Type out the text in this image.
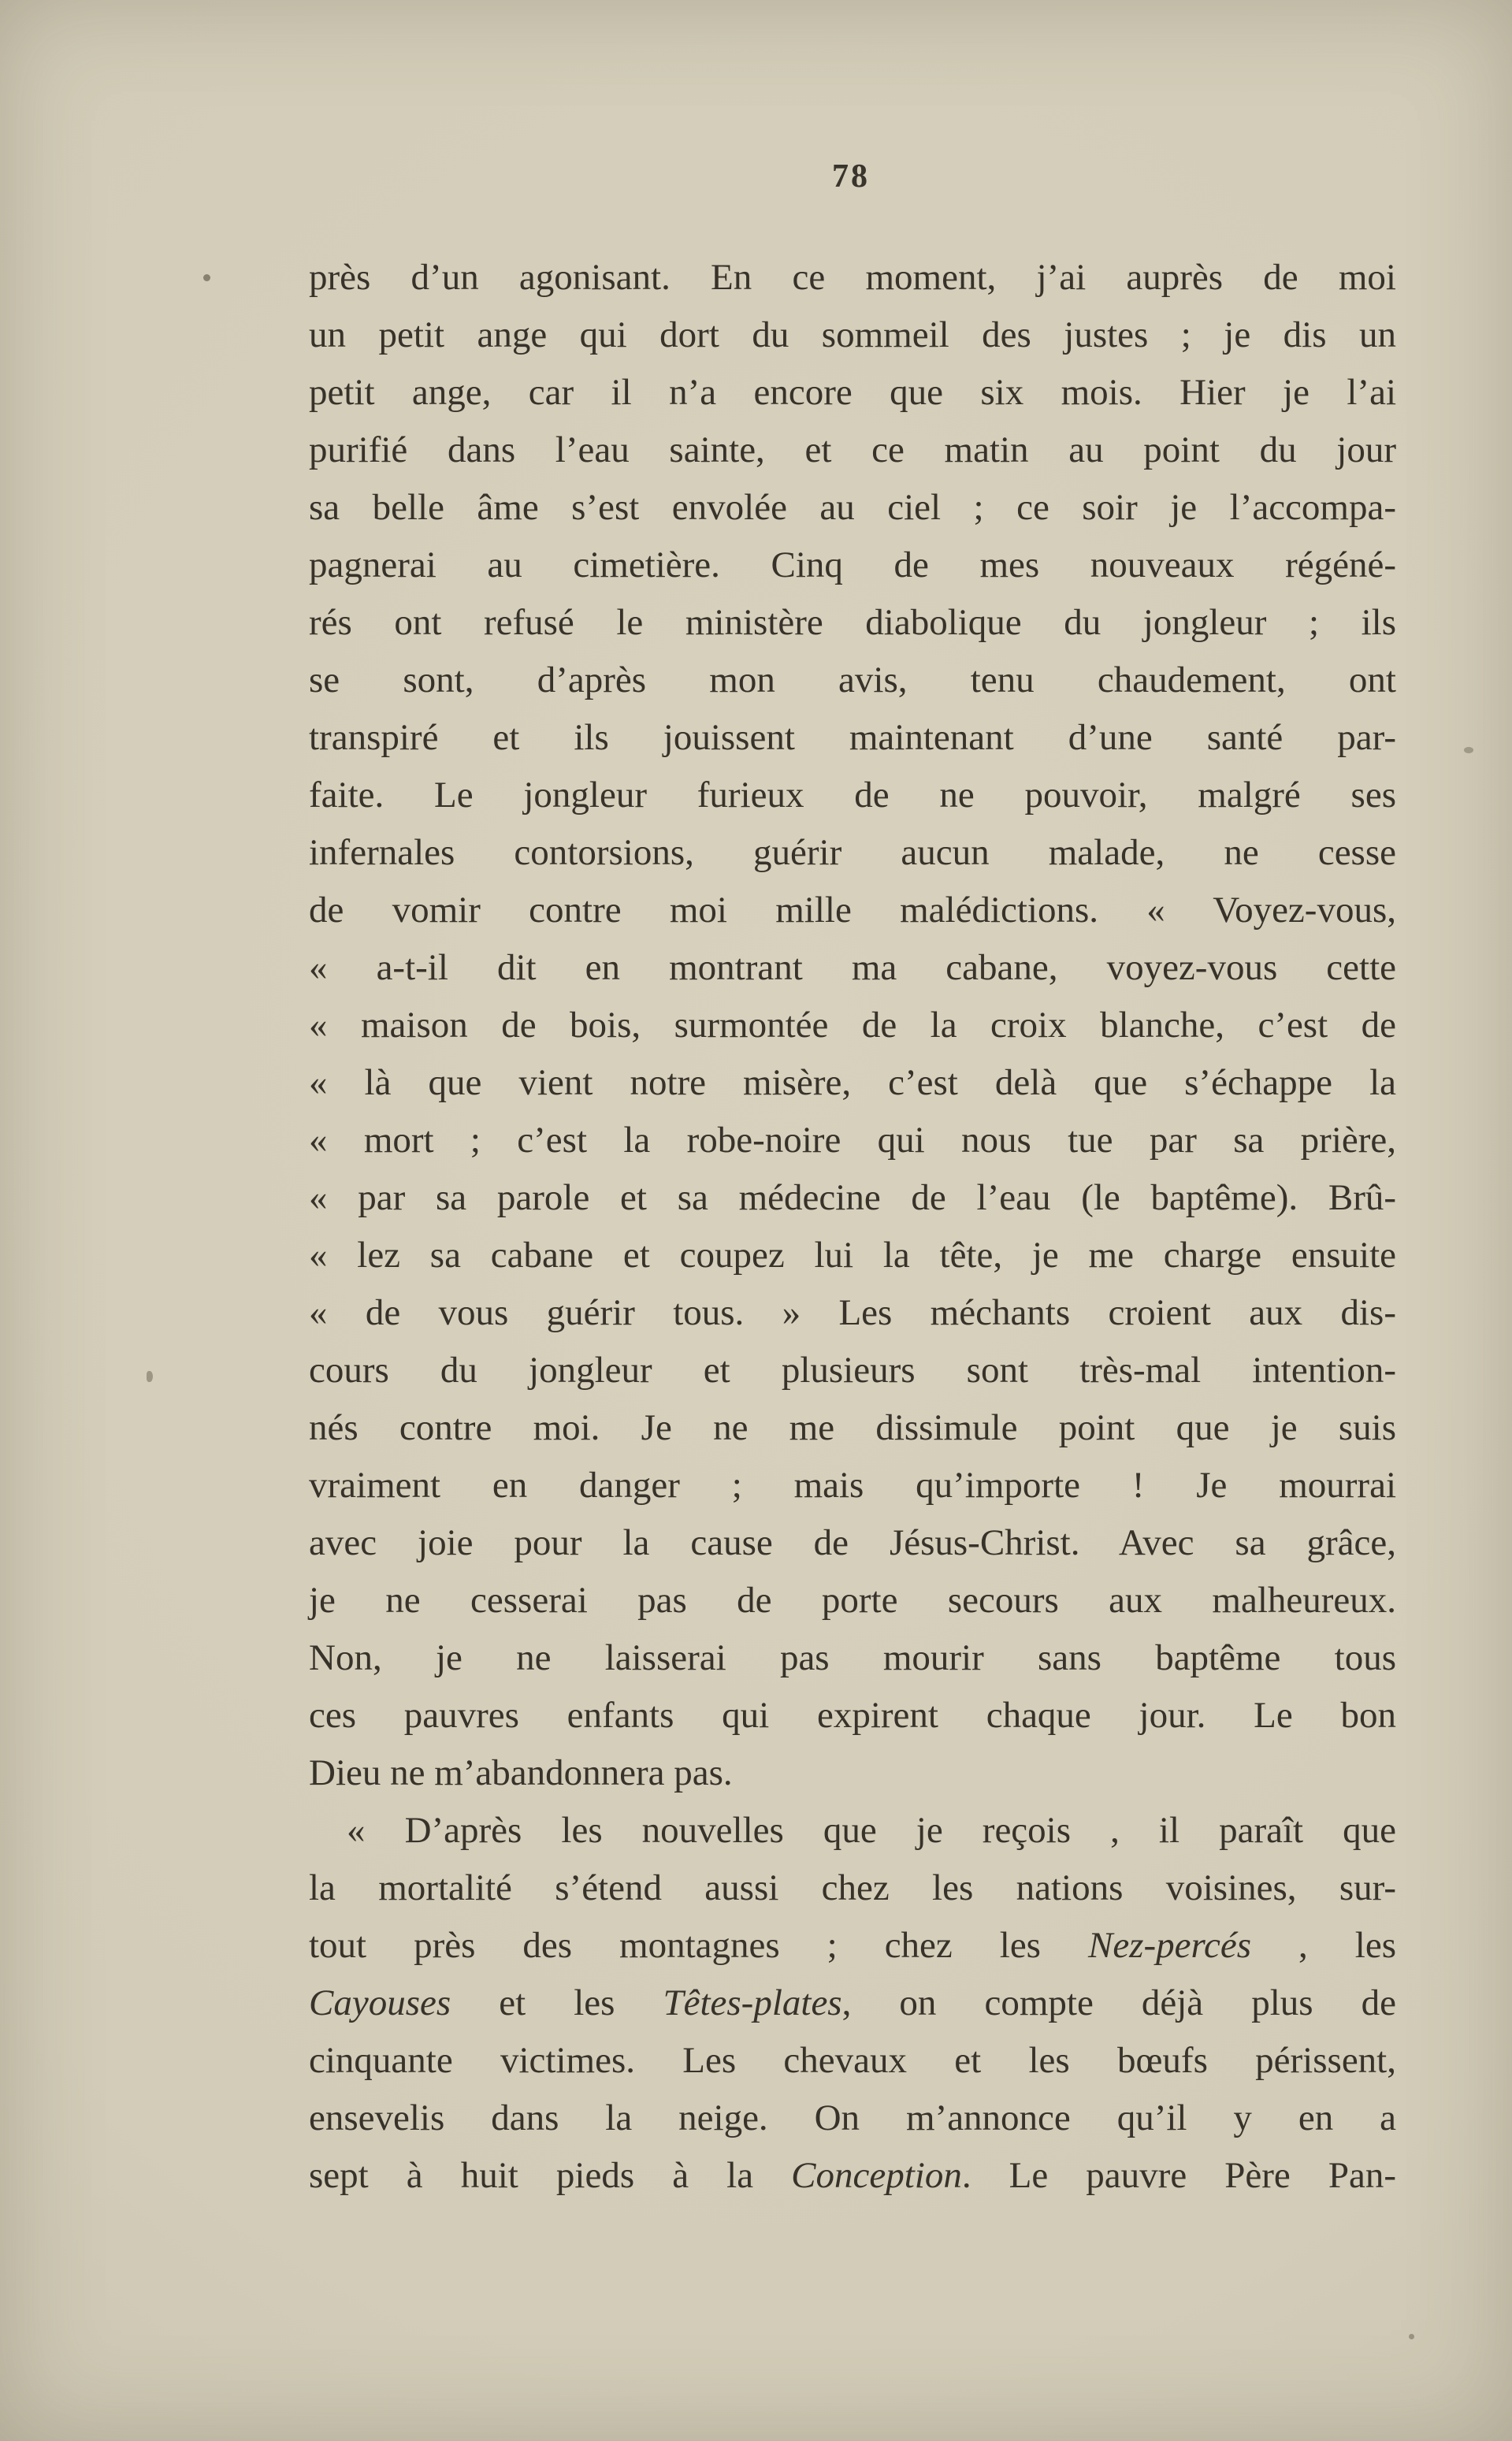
78
près d’un agonisant. En ce moment, j’ai auprès de moi
un petit ange qui dort du sommeil des justes ; je dis un
petit ange, car il n’a encore que six mois. Hier je l’ai
purifié dans l’eau sainte, et ce matin au point du jour
sa belle âme s’est envolée au ciel ; ce soir je l’accompa-
pagnerai au cimetière. Cinq de mes nouveaux régéné-
rés ont refusé le ministère diabolique du jongleur ; ils
se sont, d’après mon avis, tenu chaudement, ont
transpiré et ils jouissent maintenant d’une santé par-
faite. Le jongleur furieux de ne pouvoir, malgré ses
infernales contorsions, guérir aucun malade, ne cesse
de vomir contre moi mille malédictions. « Voyez-vous,
« a-t-il dit en montrant ma cabane, voyez-vous cette
« maison de bois, surmontée de la croix blanche, c’est de
« là que vient notre misère, c’est delà que s’échappe la
« mort ; c’est la robe-noire qui nous tue par sa prière,
« par sa parole et sa médecine de l’eau (le baptême). Brû-
« lez sa cabane et coupez lui la tête, je me charge ensuite
« de vous guérir tous. » Les méchants croient aux dis-
cours du jongleur et plusieurs sont très-mal intention-
nés contre moi. Je ne me dissimule point que je suis
vraiment en danger ; mais qu’importe ! Je mourrai
avec joie pour la cause de Jésus-Christ. Avec sa grâce,
je ne cesserai pas de porte secours aux malheureux.
Non, je ne laisserai pas mourir sans baptême tous
ces pauvres enfants qui expirent chaque jour. Le bon
Dieu ne m’abandonnera pas.
« D’après les nouvelles que je reçois , il paraît que
la mortalité s’étend aussi chez les nations voisines, sur-
tout près des montagnes ; chez les Nez-percés , les
Cayouses et les Têtes-plates, on compte déjà plus de
cinquante victimes. Les chevaux et les bœufs périssent,
ensevelis dans la neige. On m’annonce qu’il y en a
sept à huit pieds à la Conception. Le pauvre Père Pan-
